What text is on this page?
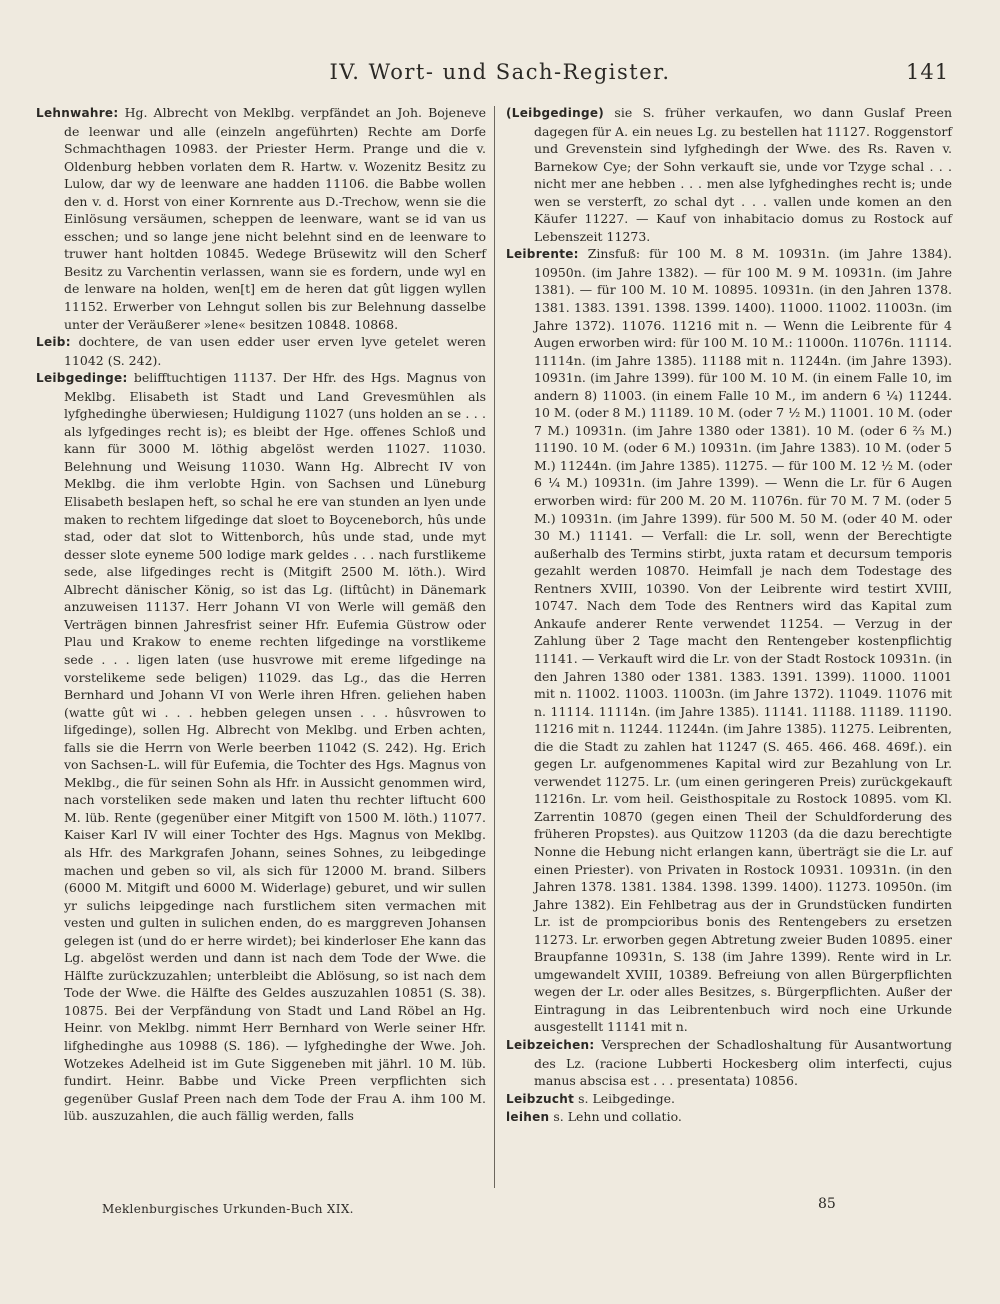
IV. Wort- und Sach-Register.	141

Lehnwahre: Hg. Albrecht von Meklbg. verpfändet an Joh. Bojeneve de leenwar und alle (einzeln angeführten) Rechte am Dorfe Schmachthagen 10983. der Priester Herm. Prange und die v. Oldenburg hebben vorlaten dem R. Hartw. v. Wozenitz Besitz zu Lulow, dar wy de leenware ane hadden 11106. die Babbe wollen den v. d. Horst von einer Kornrente aus D.-Trechow, wenn sie die Einlösung versäumen, scheppen de leenware, want se id van us esschen; und so lange jene nicht belehnt sind en de leenware to truwer hant holtden 10845. Wedege Brüsewitz will den Scherf Besitz zu Varchentin verlassen, wann sie es fordern, unde wyl en de lenware na holden, wen[t] em de heren dat gût liggen wyllen 11152. Erwerber von Lehngut sollen bis zur Belehnung dasselbe unter der Veräußerer »lene« besitzen 10848. 10868.

Leib: dochtere, de van usen edder user erven lyve getelet weren 11042 (S. 242).

Leibgedinge: belifftuchtigen 11137. Der Hfr. des Hgs. Magnus von Meklbg. Elisabeth ist Stadt und Land Grevesmühlen als lyfghedinghe überwiesen; Huldigung 11027 (uns holden an se . . . als lyfgedinges recht is); es bleibt der Hge. offenes Schloß und kann für 3000 M. löthig abgelöst werden 11027. 11030. Belehnung und Weisung 11030. Wann Hg. Albrecht IV von Meklbg. die ihm verlobte Hgin. von Sachsen und Lüneburg Elisabeth beslapen heft, so schal he ere van stunden an lyen unde maken to rechtem lifgedinge dat sloet to Boyceneborch, hûs unde stad, oder dat slot to Wittenborch, hûs unde stad, unde myt desser slote eyneme 500 lodige mark geldes . . . nach furstlikeme sede, alse lifgedinges recht is (Mitgift 2500 M. löth.). Wird Albrecht dänischer König, so ist das Lg. (liftûcht) in Dänemark anzuweisen 11137. Herr Johann VI von Werle will gemäß den Verträgen binnen Jahresfrist seiner Hfr. Eufemia Güstrow oder Plau und Krakow to eneme rechten lifgedinge na vorstlikeme sede . . . ligen laten (use husvrowe mit ereme lifgedinge na vorstelikeme sede beligen) 11029. das Lg., das die Herren Bernhard und Johann VI von Werle ihren Hfren. geliehen haben (watte gût wi . . . hebben gelegen unsen . . . hûsvrowen to lifgedinge), sollen Hg. Albrecht von Meklbg. und Erben achten, falls sie die Herrn von Werle beerben 11042 (S. 242). Hg. Erich von Sachsen-L. will für Eufemia, die Tochter des Hgs. Magnus von Meklbg., die für seinen Sohn als Hfr. in Aussicht genommen wird, nach vorsteliken sede maken und laten thu rechter liftucht 600 M. lüb. Rente (gegenüber einer Mitgift von 1500 M. löth.) 11077. Kaiser Karl IV will einer Tochter des Hgs. Magnus von Meklbg. als Hfr. des Markgrafen Johann, seines Sohnes, zu leibgedinge machen und geben so vil, als sich für 12000 M. brand. Silbers (6000 M. Mitgift und 6000 M. Widerlage) geburet, und wir sullen yr sulichs leipgedinge nach furstlichem siten vermachen mit vesten und gulten in sulichen enden, do es marggreven Johansen gelegen ist (und do er herre wirdet); bei kinderloser Ehe kann das Lg. abgelöst werden und dann ist nach dem Tode der Wwe. die Hälfte zurückzuzahlen; unterbleibt die Ablösung, so ist nach dem Tode der Wwe. die Hälfte des Geldes auszuzahlen 10851 (S. 38). 10875. Bei der Verpfändung von Stadt und Land Röbel an Hg. Heinr. von Meklbg. nimmt Herr Bernhard von Werle seiner Hfr. lifghedinghe aus 10988 (S. 186). — lyfghedinghe der Wwe. Joh. Wotzekes Adelheid ist im Gute Siggeneben mit jährl. 10 M. lüb. fundirt. Heinr. Babbe und Vicke Preen verpflichten sich gegenüber Guslaf Preen nach dem Tode der Frau A. ihm 100 M. lüb. auszuzahlen, die auch fällig werden, falls

(Leibgedinge) sie S. früher verkaufen, wo dann Guslaf Preen dagegen für A. ein neues Lg. zu bestellen hat 11127. Roggenstorf und Grevenstein sind lyfghedingh der Wwe. des Rs. Raven v. Barnekow Cye; der Sohn verkauft sie, unde vor Tzyge schal . . . nicht mer ane hebben . . . men alse lyfghedinghes recht is; unde wen se versterft, zo schal dyt . . . vallen unde komen an den Käufer 11227. — Kauf von inhabitacio domus zu Rostock auf Lebenszeit 11273.

Leibrente: Zinsfuß: für 100 M. 8 M. 10931n. (im Jahre 1384). 10950n. (im Jahre 1382). — für 100 M. 9 M. 10931n. (im Jahre 1381). — für 100 M. 10 M. 10895. 10931n. (in den Jahren 1378. 1381. 1383. 1391. 1398. 1399. 1400). 11000. 11002. 11003n. (im Jahre 1372). 11076. 11216 mit n. — Wenn die Leibrente für 4 Augen erworben wird: für 100 M. 10 M.: 11000n. 11076n. 11114. 11114n. (im Jahre 1385). 11188 mit n. 11244n. (im Jahre 1393). 10931n. (im Jahre 1399). für 100 M. 10 M. (in einem Falle 10, im andern 8) 11003. (in einem Falle 10 M., im andern 6 ¼) 11244. 10 M. (oder 8 M.) 11189. 10 M. (oder 7 ½ M.) 11001. 10 M. (oder 7 M.) 10931n. (im Jahre 1380 oder 1381). 10 M. (oder 6 ⅔ M.) 11190. 10 M. (oder 6 M.) 10931n. (im Jahre 1383). 10 M. (oder 5 M.) 11244n. (im Jahre 1385). 11275. — für 100 M. 12 ½ M. (oder 6 ¼ M.) 10931n. (im Jahre 1399). — Wenn die Lr. für 6 Augen erworben wird: für 200 M. 20 M. 11076n. für 70 M. 7 M. (oder 5 M.) 10931n. (im Jahre 1399). für 500 M. 50 M. (oder 40 M. oder 30 M.) 11141. — Verfall: die Lr. soll, wenn der Berechtigte außerhalb des Termins stirbt, juxta ratam et decursum temporis gezahlt werden 10870. Heimfall je nach dem Todestage des Rentners XVIII, 10390. Von der Leibrente wird testirt XVIII, 10747. Nach dem Tode des Rentners wird das Kapital zum Ankaufe anderer Rente verwendet 11254. — Verzug in der Zahlung über 2 Tage macht den Rentengeber kostenpflichtig 11141. — Verkauft wird die Lr. von der Stadt Rostock 10931n. (in den Jahren 1380 oder 1381. 1383. 1391. 1399). 11000. 11001 mit n. 11002. 11003. 11003n. (im Jahre 1372). 11049. 11076 mit n. 11114. 11114n. (im Jahre 1385). 11141. 11188. 11189. 11190. 11216 mit n. 11244. 11244n. (im Jahre 1385). 11275. Leibrenten, die die Stadt zu zahlen hat 11247 (S. 465. 466. 468. 469f.). ein gegen Lr. aufgenommenes Kapital wird zur Bezahlung von Lr. verwendet 11275. Lr. (um einen geringeren Preis) zurückgekauft 11216n. Lr. vom heil. Geisthospitale zu Rostock 10895. vom Kl. Zarrentin 10870 (gegen einen Theil der Schuldforderung des früheren Propstes). aus Quitzow 11203 (da die dazu berechtigte Nonne die Hebung nicht erlangen kann, überträgt sie die Lr. auf einen Priester). von Privaten in Rostock 10931. 10931n. (in den Jahren 1378. 1381. 1384. 1398. 1399. 1400). 11273. 10950n. (im Jahre 1382). Ein Fehlbetrag aus der in Grundstücken fundirten Lr. ist de prompcioribus bonis des Rentengebers zu ersetzen 11273. Lr. erworben gegen Abtretung zweier Buden 10895. einer Braupfanne 10931n, S. 138 (im Jahre 1399). Rente wird in Lr. umgewandelt XVIII, 10389. Befreiung von allen Bürgerpflichten wegen der Lr. oder alles Besitzes, s. Bürgerpflichten. Außer der Eintragung in das Leibrentenbuch wird noch eine Urkunde ausgestellt 11141 mit n.

Leibzeichen: Versprechen der Schadloshaltung für Ausantwortung des Lz. (racione Lubberti Hockesberg olim interfecti, cujus manus abscisa est . . . presentata) 10856.

Leibzucht s. Leibgedinge.

leihen s. Lehn und collatio.

Meklenburgisches Urkunden-Buch XIX.	85
